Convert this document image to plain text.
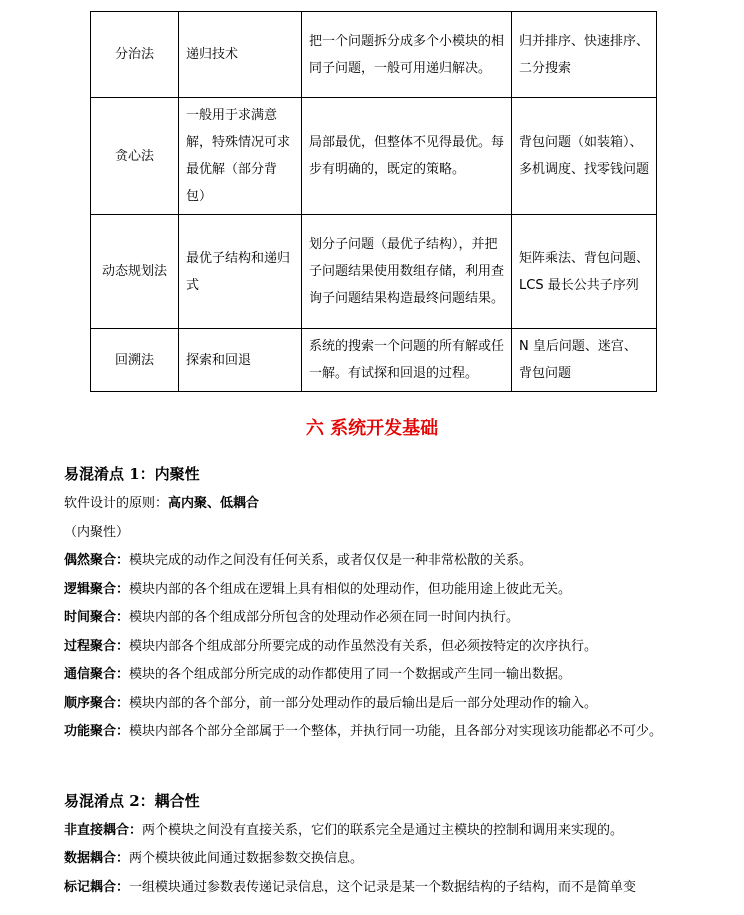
分治法	递归技术	把一个问题拆分成多个小模块的相同子问题，一般可用递归解决。	归并排序、快速排序、二分搜索
贪心法	一般用于求满意解，特殊情况可求最优解（部分背包）	局部最优，但整体不见得最优。每步有明确的，既定的策略。	背包问题（如装箱）、多机调度、找零钱问题
动态规划法	最优子结构和递归式	划分子问题（最优子结构），并把子问题结果使用数组存储，利用查询子问题结果构造最终问题结果。	矩阵乘法、背包问题、LCS 最长公共子序列
回溯法	探索和回退	系统的搜索一个问题的所有解或任一解。有试探和回退的过程。	N 皇后问题、迷宫、背包问题
六 系统开发基础
易混淆点 1：内聚性
软件设计的原则：高内聚、低耦合
（内聚性）
偶然聚合：模块完成的动作之间没有任何关系，或者仅仅是一种非常松散的关系。
逻辑聚合：模块内部的各个组成在逻辑上具有相似的处理动作，但功能用途上彼此无关。
时间聚合：模块内部的各个组成部分所包含的处理动作必须在同一时间内执行。
过程聚合：模块内部各个组成部分所要完成的动作虽然没有关系，但必须按特定的次序执行。
通信聚合：模块的各个组成部分所完成的动作都使用了同一个数据或产生同一输出数据。
顺序聚合：模块内部的各个部分，前一部分处理动作的最后输出是后一部分处理动作的输入。
功能聚合：模块内部各个部分全部属于一个整体，并执行同一功能，且各部分对实现该功能都必不可少。
易混淆点 2：耦合性
非直接耦合：两个模块之间没有直接关系，它们的联系完全是通过主模块的控制和调用来实现的。
数据耦合：两个模块彼此间通过数据参数交换信息。
标记耦合：一组模块通过参数表传递记录信息，这个记录是某一个数据结构的子结构，而不是简单变
